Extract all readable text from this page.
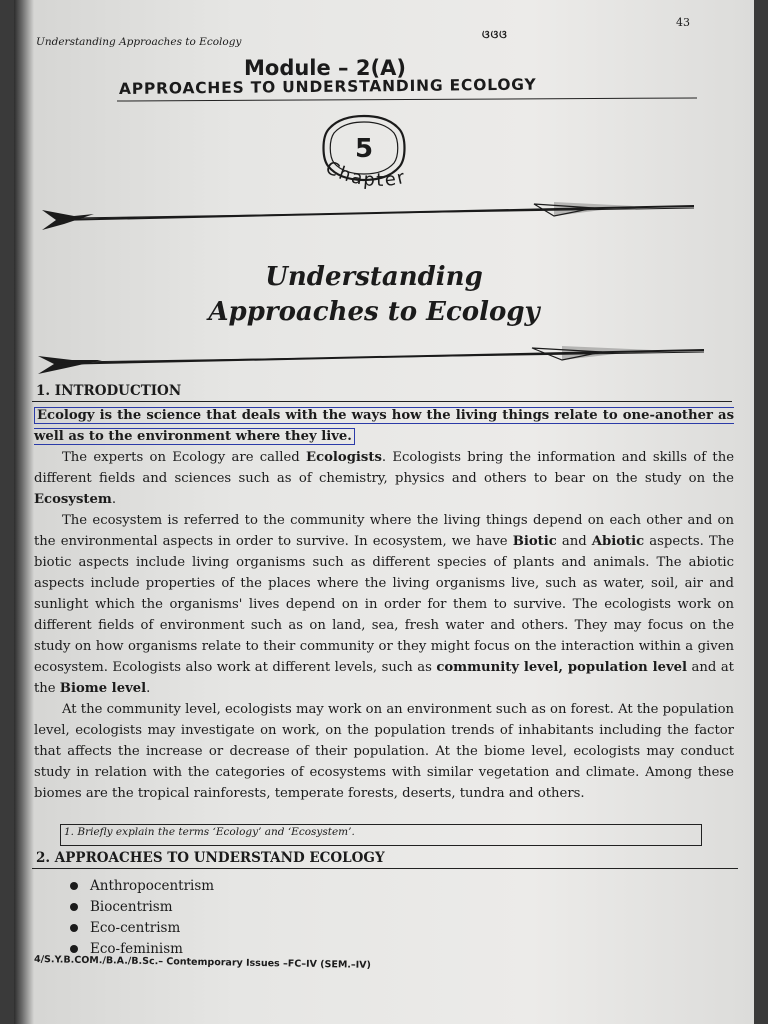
Understanding Approaches to Ecology
ଓଓଓ
43
Module – 2(A)
APPROACHES TO UNDERSTANDING ECOLOGY
5
Chapter
Understanding
Approaches to Ecology
1. INTRODUCTION

Ecology is the science that deals with the ways how the living things relate to one-another as well as to the environment where they live.

The experts on Ecology are called Ecologists. Ecologists bring the information and skills of the different fields and sciences such as of chemistry, physics and others to bear on the study on the Ecosystem.

The ecosystem is referred to the community where the living things depend on each other and on the environmental aspects in order to survive. In ecosystem, we have Biotic and Abiotic aspects. The biotic aspects include living organisms such as different species of plants and animals. The abiotic aspects include properties of the places where the living organisms live, such as water, soil, air and sunlight which the organisms' lives depend on in order for them to survive. The ecologists work on different fields of environment such as on land, sea, fresh water and others. They may focus on the study on how organisms relate to their community or they might focus on the interaction within a given ecosystem. Ecologists also work at different levels, such as community level, population level and at the Biome level.

At the community level, ecologists may work on an environment such as on forest. At the population level, ecologists may investigate on work, on the population trends of inhabitants including the factor that affects the increase or decrease of their population. At the biome level, ecologists may conduct study in relation with the categories of ecosystems with similar vegetation and climate. Among these biomes are the tropical rainforests, temperate forests, deserts, tundra and others.

1. Briefly explain the terms ‘Ecology’ and ‘Ecosystem’.
2. APPROACHES TO UNDERSTAND ECOLOGY
Anthropocentrism
Biocentrism
Eco-centrism
Eco-feminism
4/S.Y.B.COM./B.A./B.Sc.– Contemporary Issues –FC–IV (SEM.–IV)
